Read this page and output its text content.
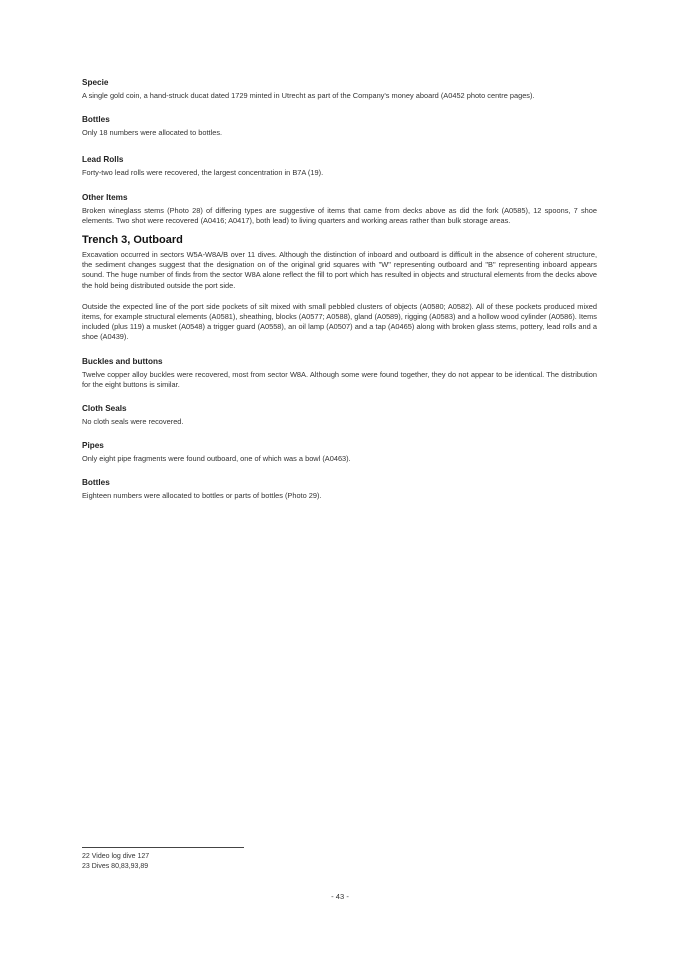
Specie

A single gold coin, a hand-struck ducat dated 1729 minted in Utrecht as part of the Company's money aboard (A0452 photo centre pages).

Bottles

Only 18 numbers were allocated to bottles.

Lead Rolls

Forty-two lead rolls were recovered, the largest concentration in B7A (19).

Other Items

Broken wineglass stems (Photo 28) of differing types are suggestive of items that came from decks above as did the fork (A0585), 12 spoons, 7 shoe elements. Two shot were recovered (A0416; A0417), both lead) to living quarters and working areas rather than bulk storage areas.

Trench 3, Outboard

Excavation occurred in sectors W5A-W8A/B over 11 dives. Although the distinction of inboard and outboard is difficult in the absence of coherent structure, the sediment changes suggest that the designation on of the original grid squares with "W" representing outboard and "B" representing inboard appears sound. The huge number of finds from the sector W8A alone reflect the fill to port which has resulted in objects and structural elements from the decks above the hold being distributed outside the port side.

Outside the expected line of the port side pockets of silt mixed with small pebbled clusters of objects (A0580; A0582). All of these pockets produced mixed items, for example structural elements (A0581), sheathing, blocks (A0577; A0588), gland (A0589), rigging (A0583) and a hollow wood cylinder (A0586). Items included (plus 119) a musket (A0548) a trigger guard (A0558), an oil lamp (A0507) and a tap (A0465) along with broken glass stems, pottery, lead rolls and a shoe (A0439).

Buckles and buttons

Twelve copper alloy buckles were recovered, most from sector W8A. Although some were found together, they do not appear to be identical. The distribution for the eight buttons is similar.

Cloth Seals

No cloth seals were recovered.

Pipes

Only eight pipe fragments were found outboard, one of which was a bowl (A0463).

Bottles

Eighteen numbers were allocated to bottles or parts of bottles (Photo 29).

22 Video log dive 127
23 Dives 80,83,93,89
- 43 -
